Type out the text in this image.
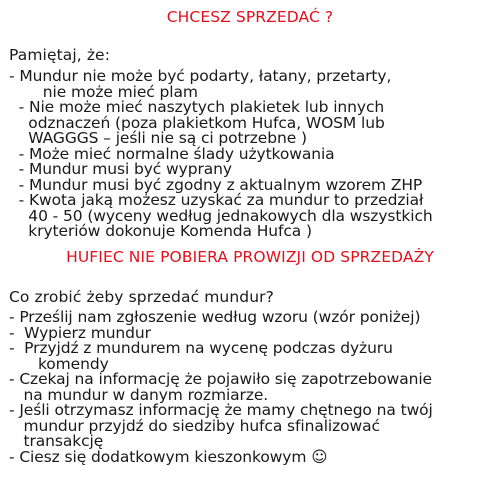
CHCESZ SPRZEDAĆ ?
Pamiętaj, że:
- Mundur nie może być podarty, łatany, przetarty,
nie może mieć plam
- Nie może mieć naszytych plakietek lub innych
odznaczeń (poza plakietkom Hufca, WOSM lub
WAGGGS – jeśli nie są ci potrzebne )
- Może mieć normalne ślady użytkowania
- Mundur musi być wyprany
- Mundur musi być zgodny z aktualnym wzorem ZHP
- Kwota jaką możesz uzyskać za mundur to przedział
40 - 50 (wyceny według jednakowych dla wszystkich
kryteriów dokonuje Komenda Hufca )
HUFIEC NIE POBIERA PROWIZJI OD SPRZEDAŻY
Co zrobić żeby sprzedać mundur?
- Prześlij nam zgłoszenie według wzoru (wzór poniżej)
-  Wypierz mundur
-  Przyjdź z mundurem na wycenę podczas dyżuru
komendy
- Czekaj na informację że pojawiło się zapotrzebowanie
na mundur w danym rozmiarze.
- Jeśli otrzymasz informację że mamy chętnego na twój
mundur przyjdź do siedziby hufca sfinalizować
transakcję
- Ciesz się dodatkowym kieszonkowym ☺
